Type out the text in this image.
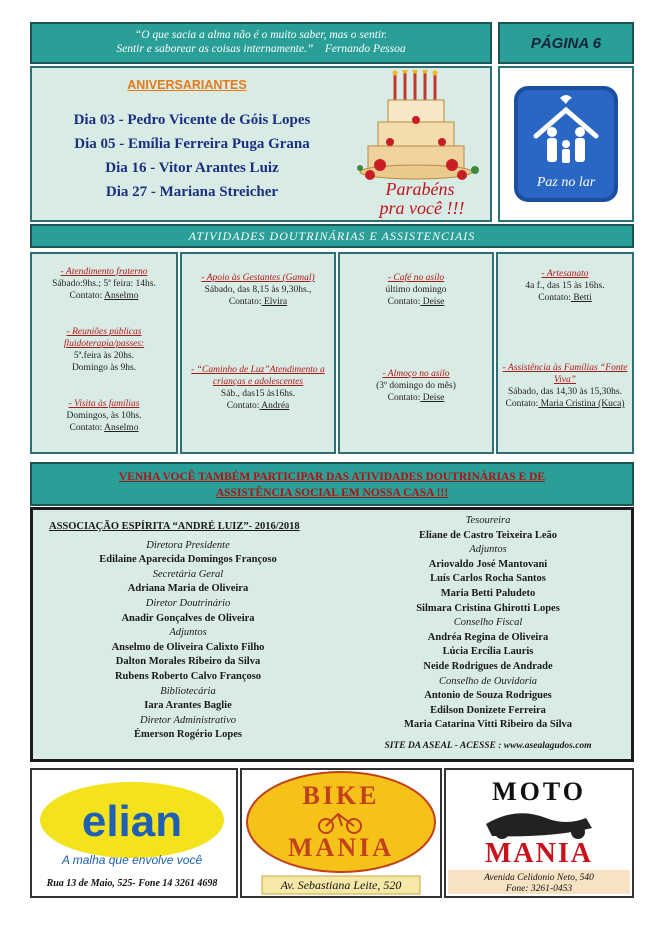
“O que sacia a alma não é o muito saber, mas o sentir.
Sentir e saborear as coisas internamente.” Fernando Pessoa	PÁGINA 6
ANIVERSARIANTES
Dia 03 - Pedro Vicente de Góis Lopes
Dia 05 - Emília Ferreira Puga Grana
Dia 16 - Vitor Arantes Luiz
Dia 27 - Mariana Streicher	Parabéns
pra você !!!
Paz no lar
ATIVIDADES DOUTRINÁRIAS E ASSISTENCIAIS
- Atendimento fraterno
Sábado:9hs.; 5ª feira: 14hs.
Contato: Anselmo
- Reuniões públicas fluidoterapia/passes:
5ª.feira às 20hs.
Domingo às 9hs.
- Visita às famílias
Domingos, às 10hs.
Contato: Anselmo
- Apoio às Gestantes (Gamal)
Sábado, das 8,15 às 9,30hs.,
Contato: Elvira
- “Caminho de Luz”Atendimento a crianças e adolescentes
Sáb., das15 às16hs.
Contato: Andréa
- Café no asilo
último domingo
Contato: Deise
- Almoço no asilo
(3º domingo do mês)
Contato: Deise
- Artesanato
4a f., das 15 às 16hs.
Contato: Betti
- Assistência às Famílias “Fonte Viva”
Sábado, das 14,30 às 15,30hs.
Contato: Maria Cristina (Kuca)
VENHA VOCÊ TAMBÉM PARTICIPAR DAS ATIVIDADES DOUTRINÁRIAS E DE
ASSISTÊNCIA SOCIAL EM NOSSA CASA !!!
ASSOCIAÇÃO ESPÍRITA “ANDRÉ LUIZ”- 2016/2018
Diretora Presidente
Edilaine Aparecida Domingos Françoso
Secretária Geral
Adriana Maria de Oliveira
Diretor Doutrinário
Anadir Gonçalves de Oliveira
Adjuntos
Anselmo de Oliveira Calixto Filho
Dalton Morales Ribeiro da Silva
Rubens Roberto Calvo Françoso
Bibliotecária
Iara Arantes Baglie
Diretor Administrativo
Émerson Rogério Lopes
Tesoureira
Eliane de Castro Teixeira Leão
Adjuntos
Ariovaldo José Mantovani
Luís Carlos Rocha Santos
Maria Betti Paludeto
Silmara Cristina Ghirotti Lopes
Conselho Fiscal
Andréa Regina de Oliveira
Lúcia Ercília Lauris
Neide Rodrigues de Andrade
Conselho de Ouvidoria
Antonio de Souza Rodrigues
Edilson Donizete Ferreira
Maria Catarina Vitti Ribeiro da Silva
SITE DA ASEAL - ACESSE : www.asealagudos.com
elian
A malha que envolve você
Rua 13 de Maio, 525- Fone 14 3261 4698
BIKE
MANIA
Av. Sebastiana Leite, 520
MOTO
MANIA
Avenida Celidonio Neto, 540
Fone: 3261-0453
